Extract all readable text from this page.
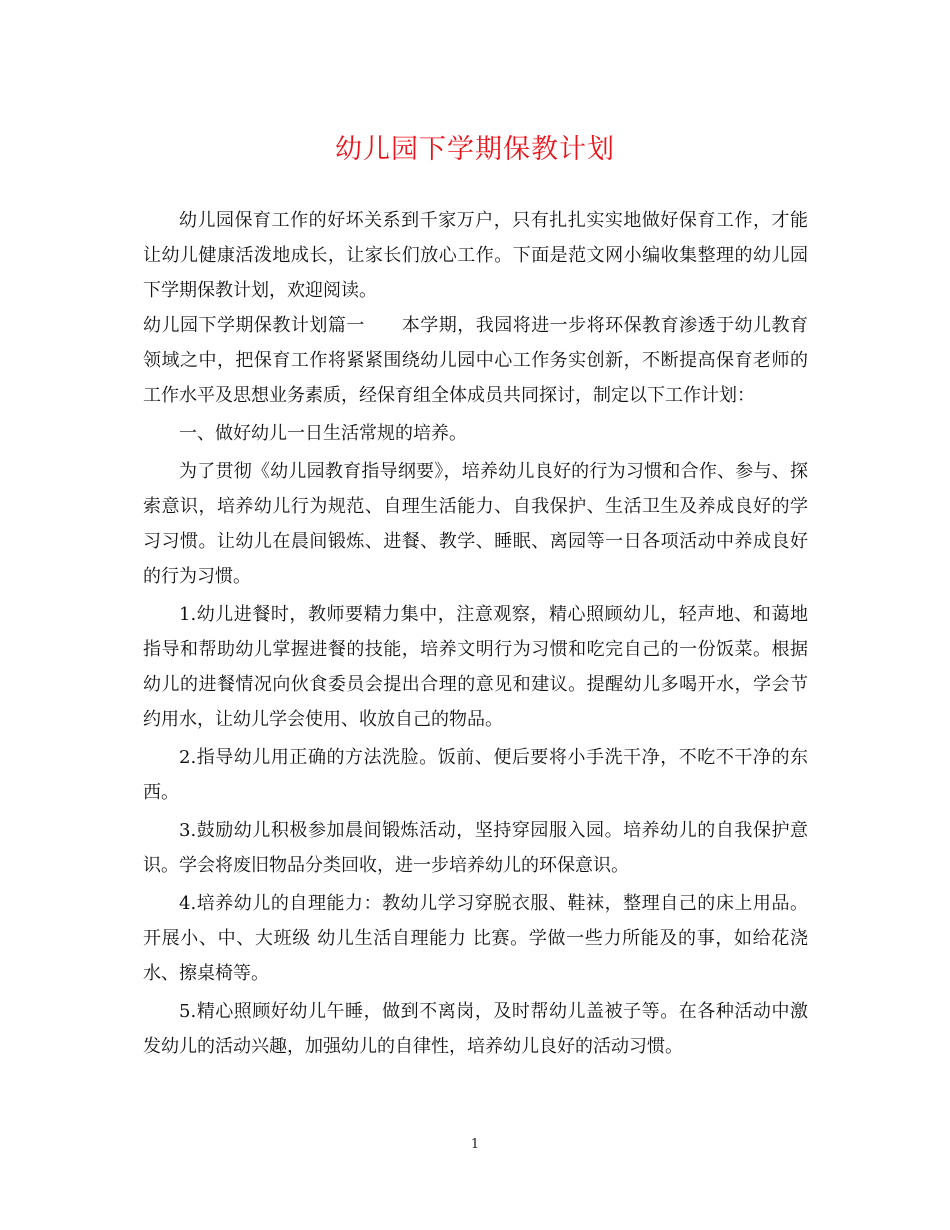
幼儿园下学期保教计划

幼儿园保育工作的好坏关系到千家万户，只有扎扎实实地做好保育工作，才能让幼儿健康活泼地成长，让家长们放心工作。下面是范文网小编收集整理的幼儿园下学期保教计划，欢迎阅读。

幼儿园下学期保教计划篇一　　本学期，我园将进一步将环保教育渗透于幼儿教育领域之中，把保育工作将紧紧围绕幼儿园中心工作务实创新，不断提高保育老师的工作水平及思想业务素质，经保育组全体成员共同探讨，制定以下工作计划：

一、做好幼儿一日生活常规的培养。

为了贯彻《幼儿园教育指导纲要》，培养幼儿良好的行为习惯和合作、参与、探索意识，培养幼儿行为规范、自理生活能力、自我保护、生活卫生及养成良好的学习习惯。让幼儿在晨间锻炼、进餐、教学、睡眠、离园等一日各项活动中养成良好的行为习惯。

1.幼儿进餐时，教师要精力集中，注意观察，精心照顾幼儿，轻声地、和蔼地指导和帮助幼儿掌握进餐的技能，培养文明行为习惯和吃完自己的一份饭菜。根据幼儿的进餐情况向伙食委员会提出合理的意见和建议。提醒幼儿多喝开水，学会节约用水，让幼儿学会使用、收放自己的物品。

2.指导幼儿用正确的方法洗脸。饭前、便后要将小手洗干净，不吃不干净的东西。

3.鼓励幼儿积极参加晨间锻炼活动，坚持穿园服入园。培养幼儿的自我保护意识。学会将废旧物品分类回收，进一步培养幼儿的环保意识。

4.培养幼儿的自理能力：教幼儿学习穿脱衣服、鞋袜，整理自己的床上用品。开展小、中、大班级 幼儿生活自理能力 比赛。学做一些力所能及的事，如给花浇水、擦桌椅等。

5.精心照顾好幼儿午睡，做到不离岗，及时帮幼儿盖被子等。在各种活动中激发幼儿的活动兴趣，加强幼儿的自律性，培养幼儿良好的活动习惯。

1
